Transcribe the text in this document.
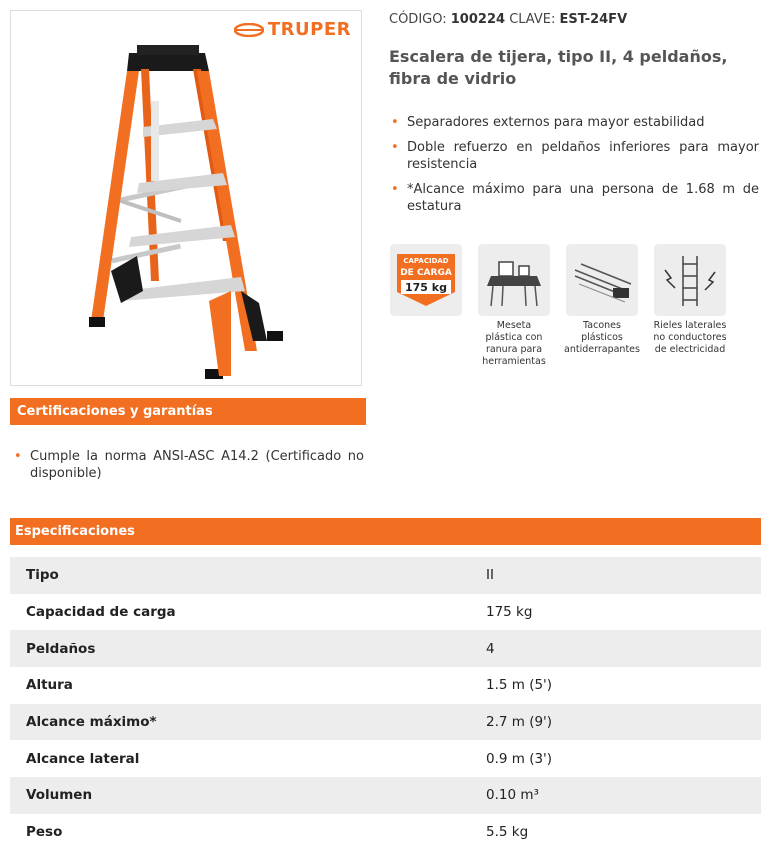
TRUPER	CÓDIGO: 100224 CLAVE: EST-24FV
Escalera de tijera, tipo II, 4 peldaños, fibra de vidrio
• Separadores externos para mayor estabilidad
• Doble refuerzo en peldaños inferiores para mayor resistencia
• *Alcance máximo para una persona de 1.68 m de estatura
CAPACIDAD
DE CARGA
175 kg
Meseta plástica con ranura para herramientas
Tacones plásticos antiderrapantes
Rieles laterales no conductores de electricidad
Certificaciones y garantías
• Cumple la norma ANSI-ASC A14.2 (Certificado no disponible)
Especificaciones
Tipo	II
Capacidad de carga	175 kg
Peldaños	4
Altura	1.5 m (5')
Alcance máximo*	2.7 m (9')
Alcance lateral	0.9 m (3')
Volumen	0.10 m³
Peso	5.5 kg
